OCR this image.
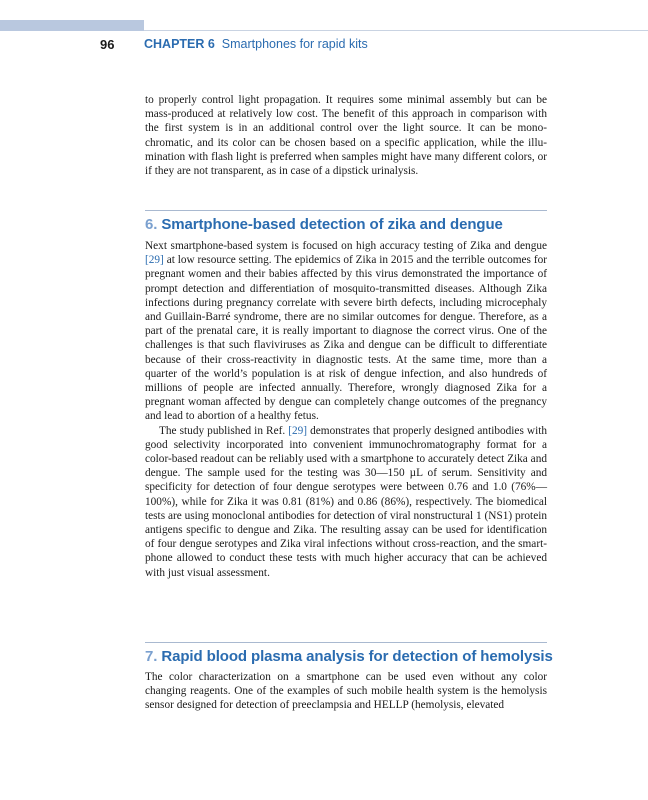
96 CHAPTER 6 Smartphones for rapid kits

to properly control light propagation. It requires some minimal assembly but can be mass-produced at relatively low cost. The benefit of this approach in comparison with the first system is in an additional control over the light source. It can be monochromatic, and its color can be chosen based on a specific application, while the illumination with flash light is preferred when samples might have many different colors, or if they are not transparent, as in case of a dipstick urinalysis.

6. Smartphone-based detection of zika and dengue

Next smartphone-based system is focused on high accuracy testing of Zika and dengue [29] at low resource setting. The epidemics of Zika in 2015 and the terrible outcomes for pregnant women and their babies affected by this virus demonstrated the importance of prompt detection and differentiation of mosquito-transmitted diseases. Although Zika infections during pregnancy correlate with severe birth defects, including microcephaly and Guillain-Barré syndrome, there are no similar outcomes for dengue. Therefore, as a part of the prenatal care, it is really important to diagnose the correct virus. One of the challenges is that such flaviviruses as Zika and dengue can be difficult to differentiate because of their cross-reactivity in diagnostic tests. At the same time, more than a quarter of the world’s population is at risk of dengue infection, and also hundreds of millions of people are infected annually. Therefore, wrongly diagnosed Zika for a pregnant woman affected by dengue can completely change outcomes of the pregnancy and lead to abortion of a healthy fetus.

The study published in Ref. [29] demonstrates that properly designed antibodies with good selectivity incorporated into convenient immunochromatography format for a color-based readout can be reliably used with a smartphone to accurately detect Zika and dengue. The sample used for the testing was 30—150 µL of serum. Sensitivity and specificity for detection of four dengue serotypes were between 0.76 and 1.0 (76%—100%), while for Zika it was 0.81 (81%) and 0.86 (86%), respectively. The biomedical tests are using monoclonal antibodies for detection of viral nonstructural 1 (NS1) protein antigens specific to dengue and Zika. The resulting assay can be used for identification of four dengue serotypes and Zika viral infections without cross-reaction, and the smartphone allowed to conduct these tests with much higher accuracy that can be achieved with just visual assessment.

7. Rapid blood plasma analysis for detection of hemolysis

The color characterization on a smartphone can be used even without any color changing reagents. One of the examples of such mobile health system is the hemolysis sensor designed for detection of preeclampsia and HELLP (hemolysis, elevated
